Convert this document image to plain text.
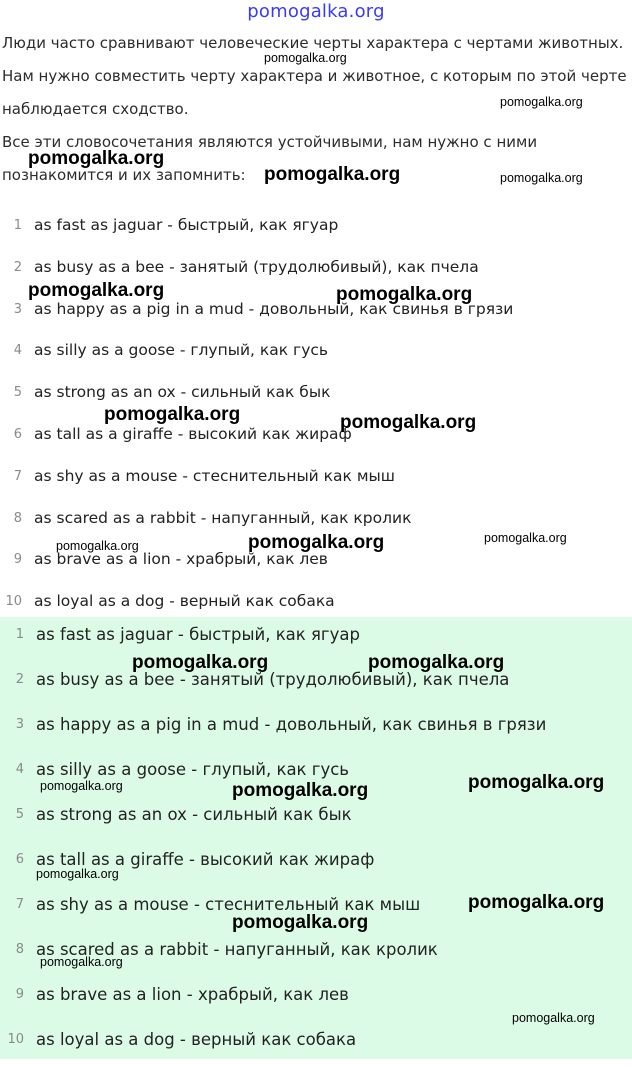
pomogalka.org
Люди часто сравнивают человеческие черты характера с чертами животных.
Нам нужно совместить черту характера и животное, с которым по этой черте
наблюдается сходство.
Все эти словосочетания являются устойчивыми, нам нужно с ними
познакомится и их запомнить:
1 as fast as jaguar - быстрый, как ягуар
2 as busy as a bee - занятый (трудолюбивый), как пчела
3 as happy as a pig in a mud - довольный, как свинья в грязи
4 as silly as a goose - глупый, как гусь
5 as strong as an ox - сильный как бык
6 as tall as a giraffe - высокий как жираф
7 as shy as a mouse - стеснительный как мыш
8 as scared as a rabbit - напуганный, как кролик
9 as brave as a lion - храбрый, как лев
10 as loyal as a dog - верный как собака
1 as fast as jaguar - быстрый, как ягуар
2 as busy as a bee - занятый (трудолюбивый), как пчела
3 as happy as a pig in a mud - довольный, как свинья в грязи
4 as silly as a goose - глупый, как гусь
5 as strong as an ox - сильный как бык
6 as tall as a giraffe - высокий как жираф
7 as shy as a mouse - стеснительный как мыш
8 as scared as a rabbit - напуганный, как кролик
9 as brave as a lion - храбрый, как лев
10 as loyal as a dog - верный как собака
pomogalka.org
pomogalka.org
pomogalka.org
pomogalka.org	pomogalka.org
pomogalka.org	pomogalka.org
pomogalka.org	pomogalka.org
pomogalka.org
pomogalka.org	pomogalka.org
pomogalka.org	pomogalka.org
pomogalka.org	pomogalka.org	pomogalka.org
pomogalka.org
pomogalka.org
pomogalka.org
pomogalka.org
pomogalka.org
